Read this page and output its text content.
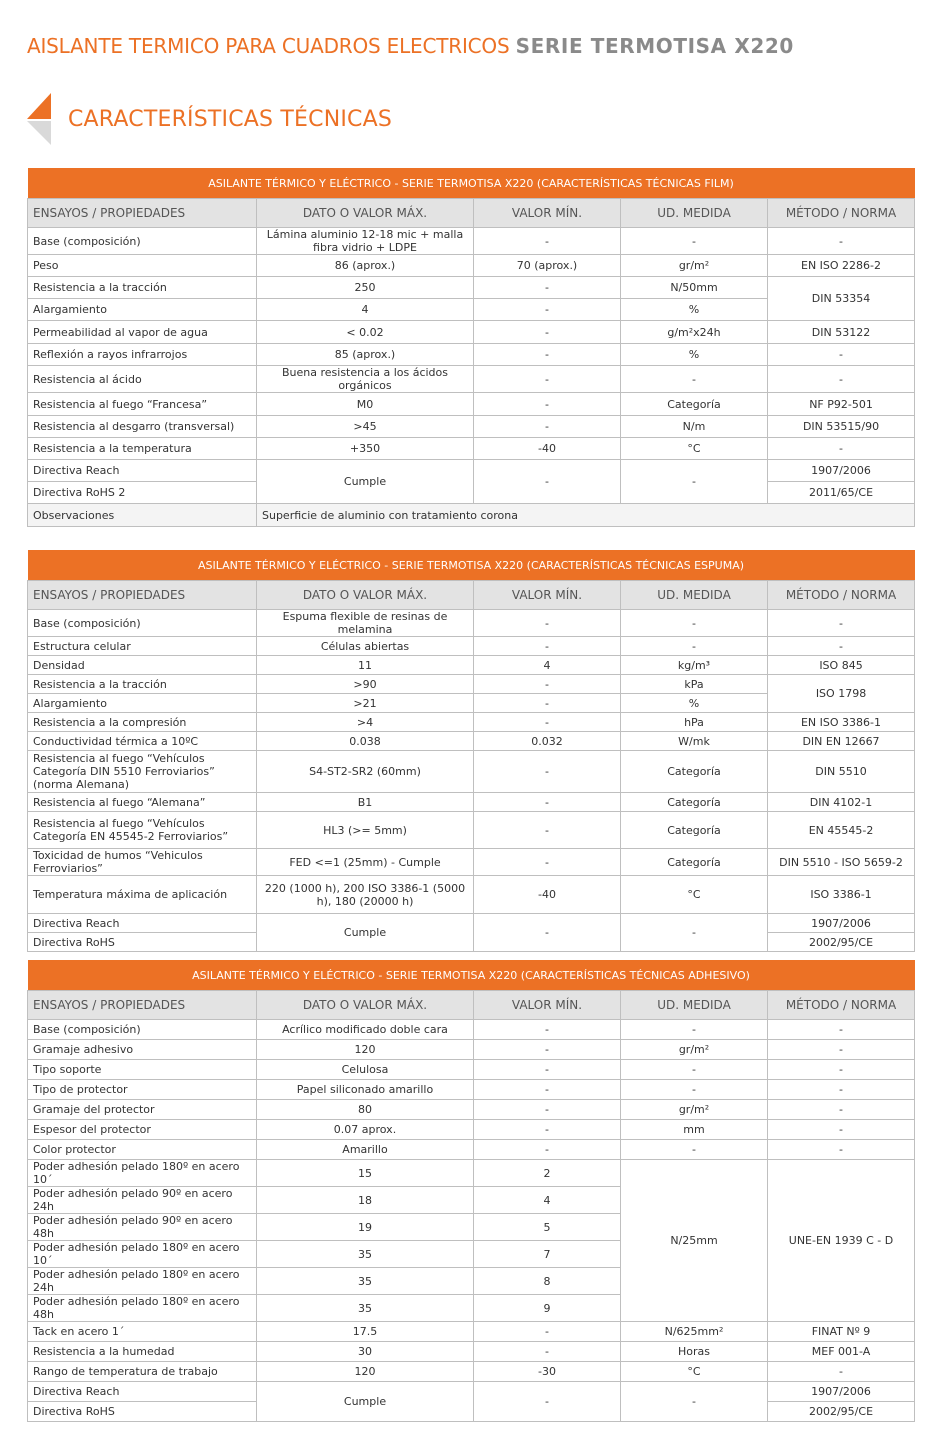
AISLANTE TERMICO PARA CUADROS ELECTRICOS SERIE TERMOTISA X220
CARACTERÍSTICAS TÉCNICAS
ASILANTE TÉRMICO Y ELÉCTRICO - SERIE TERMOTISA X220 (CARACTERÍSTICAS TÉCNICAS FILM)				
ENSAYOS / PROPIEDADES	DATO O VALOR MÁX.	VALOR MÍN.	UD. MEDIDA	MÉTODO / NORMA
Base (composición)	Lámina aluminio 12-18 mic + malla fibra vidrio + LDPE	-	-	-
Peso	86 (aprox.)	70 (aprox.)	gr/m²	EN ISO 2286-2
Resistencia a la tracción	250	-	N/50mm	DIN 53354
Alargamiento	4	-	%	
Permeabilidad al vapor de agua	< 0.02	-	g/m²x24h	DIN 53122
Reflexión a rayos infrarrojos	85 (aprox.)	-	%	-
Resistencia al ácido	Buena resistencia a los ácidos orgánicos	-	-	-
Resistencia al fuego “Francesa”	M0	-	Categoría	NF P92-501
Resistencia al desgarro (transversal)	>45	-	N/m	DIN 53515/90
Resistencia a la temperatura	+350	-40	°C	-
Directiva Reach	Cumple	-	-	1907/2006
Directiva RoHS 2				2011/65/CE
Observaciones	Superficie de aluminio con tratamiento corona			
ASILANTE TÉRMICO Y ELÉCTRICO - SERIE TERMOTISA X220 (CARACTERÍSTICAS TÉCNICAS ESPUMA)				
ENSAYOS / PROPIEDADES	DATO O VALOR MÁX.	VALOR MÍN.	UD. MEDIDA	MÉTODO / NORMA
Base (composición)	Espuma flexible de resinas de melamina	-	-	-
Estructura celular	Células abiertas	-	-	-
Densidad	11	4	kg/m³	ISO 845
Resistencia a la tracción	>90	-	kPa	ISO 1798
Alargamiento	>21	-	%	
Resistencia a la compresión	>4	-	hPa	EN ISO 3386-1
Conductividad térmica a 10ºC	0.038	0.032	W/mk	DIN EN 12667
Resistencia al fuego “Vehículos Categoría DIN 5510 Ferroviarios” (norma Alemana)	S4-ST2-SR2 (60mm)	-	Categoría	DIN 5510
Resistencia al fuego “Alemana”	B1	-	Categoría	DIN 4102-1
Resistencia al fuego “Vehículos Categoría EN 45545-2 Ferroviarios”	HL3 (>= 5mm)	-	Categoría	EN 45545-2
Toxicidad de humos “Vehiculos Ferroviarios”	FED <=1 (25mm) - Cumple	-	Categoría	DIN 5510 - ISO 5659-2
Temperatura máxima de aplicación	220 (1000 h), 200 ISO 3386-1 (5000 h), 180 (20000 h)	-40	°C	ISO 3386-1
Directiva Reach	Cumple	-	-	1907/2006
Directiva RoHS				2002/95/CE
ASILANTE TÉRMICO Y ELÉCTRICO - SERIE TERMOTISA X220 (CARACTERÍSTICAS TÉCNICAS ADHESIVO)				
ENSAYOS / PROPIEDADES	DATO O VALOR MÁX.	VALOR MÍN.	UD. MEDIDA	MÉTODO / NORMA
Base (composición)	Acrílico modificado doble cara	-	-	-
Gramaje adhesivo	120	-	gr/m²	-
Tipo soporte	Celulosa	-	-	-
Tipo de protector	Papel siliconado amarillo	-	-	-
Gramaje del protector	80	-	gr/m²	-
Espesor del protector	0.07 aprox.	-	mm	-
Color protector	Amarillo	-	-	-
Poder adhesión pelado 180º en acero 10´	15	2	N/25mm	UNE-EN 1939 C - D
Poder adhesión pelado 90º en acero 24h	18	4		
Poder adhesión pelado 90º en acero 48h	19	5		
Poder adhesión pelado 180º en acero 10´	35	7		
Poder adhesión pelado 180º en acero 24h	35	8		
Poder adhesión pelado 180º en acero 48h	35	9		
Tack en acero 1´	17.5	-	N/625mm²	FINAT Nº 9
Resistencia a la humedad	30	-	Horas	MEF 001-A
Rango de temperatura de trabajo	120	-30	°C	-
Directiva Reach	Cumple	-	-	1907/2006
Directiva RoHS				2002/95/CE
